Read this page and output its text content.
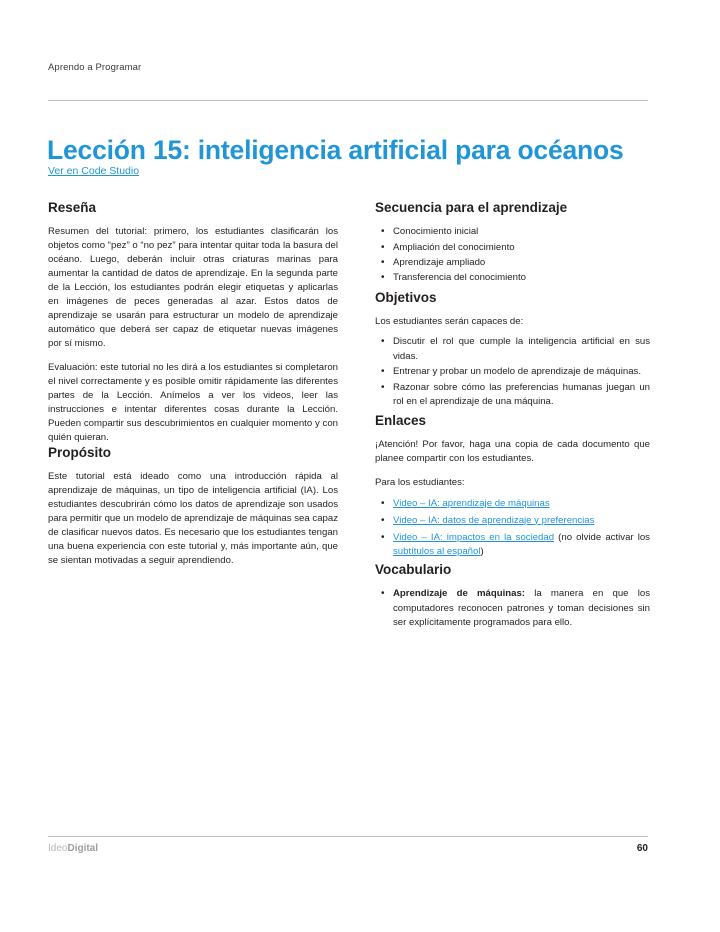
Aprendo a Programar
Lección 15: inteligencia artificial para océanos
Ver en Code Studio
Reseña

Resumen del tutorial: primero, los estudiantes clasificarán los objetos como “pez” o “no pez” para intentar quitar toda la basura del océano. Luego, deberán incluir otras criaturas marinas para aumentar la cantidad de datos de aprendizaje. En la segunda parte de la Lección, los estudiantes podrán elegir etiquetas y aplicarlas en imágenes de peces generadas al azar. Estos datos de aprendizaje se usarán para estructurar un modelo de aprendizaje automático que deberá ser capaz de etiquetar nuevas imágenes por sí mismo.

Evaluación: este tutorial no les dirá a los estudiantes si completaron el nivel correctamente y es posible omitir rápidamente las diferentes partes de la Lección. Anímelos a ver los videos, leer las instrucciones e intentar diferentes cosas durante la Lección. Pueden compartir sus descubrimientos en cualquier momento y con quién quieran.

Propósito

Este tutorial está ideado como una introducción rápida al aprendizaje de máquinas, un tipo de inteligencia artificial (IA). Los estudiantes descubrirán cómo los datos de aprendizaje son usados para permitir que un modelo de aprendizaje de máquinas sea capaz de clasificar nuevos datos. Es necesario que los estudiantes tengan una buena experiencia con este tutorial y, más importante aún, que se sientan motivadas a seguir aprendiendo.

Secuencia para el aprendizaje
• Conocimiento inicial
• Ampliación del conocimiento
• Aprendizaje ampliado
• Transferencia del conocimiento
Objetivos

Los estudiantes serán capaces de:

• Discutir el rol que cumple la inteligencia artificial en sus vidas.
• Entrenar y probar un modelo de aprendizaje de máquinas.
• Razonar sobre cómo las preferencias humanas juegan un rol en el aprendizaje de una máquina.
Enlaces

¡Atención! Por favor, haga una copia de cada documento que planee compartir con los estudiantes.

Para los estudiantes:

• Video – IA: aprendizaje de máquinas
• Video – IA: datos de aprendizaje y preferencias
• Video – IA: impactos en la sociedad (no olvide activar los subtítulos al español)
Vocabulario
• Aprendizaje de máquinas: la manera en que los computadores reconocen patrones y toman decisiones sin ser explícitamente programados para ello.
IdeoDigital	60
